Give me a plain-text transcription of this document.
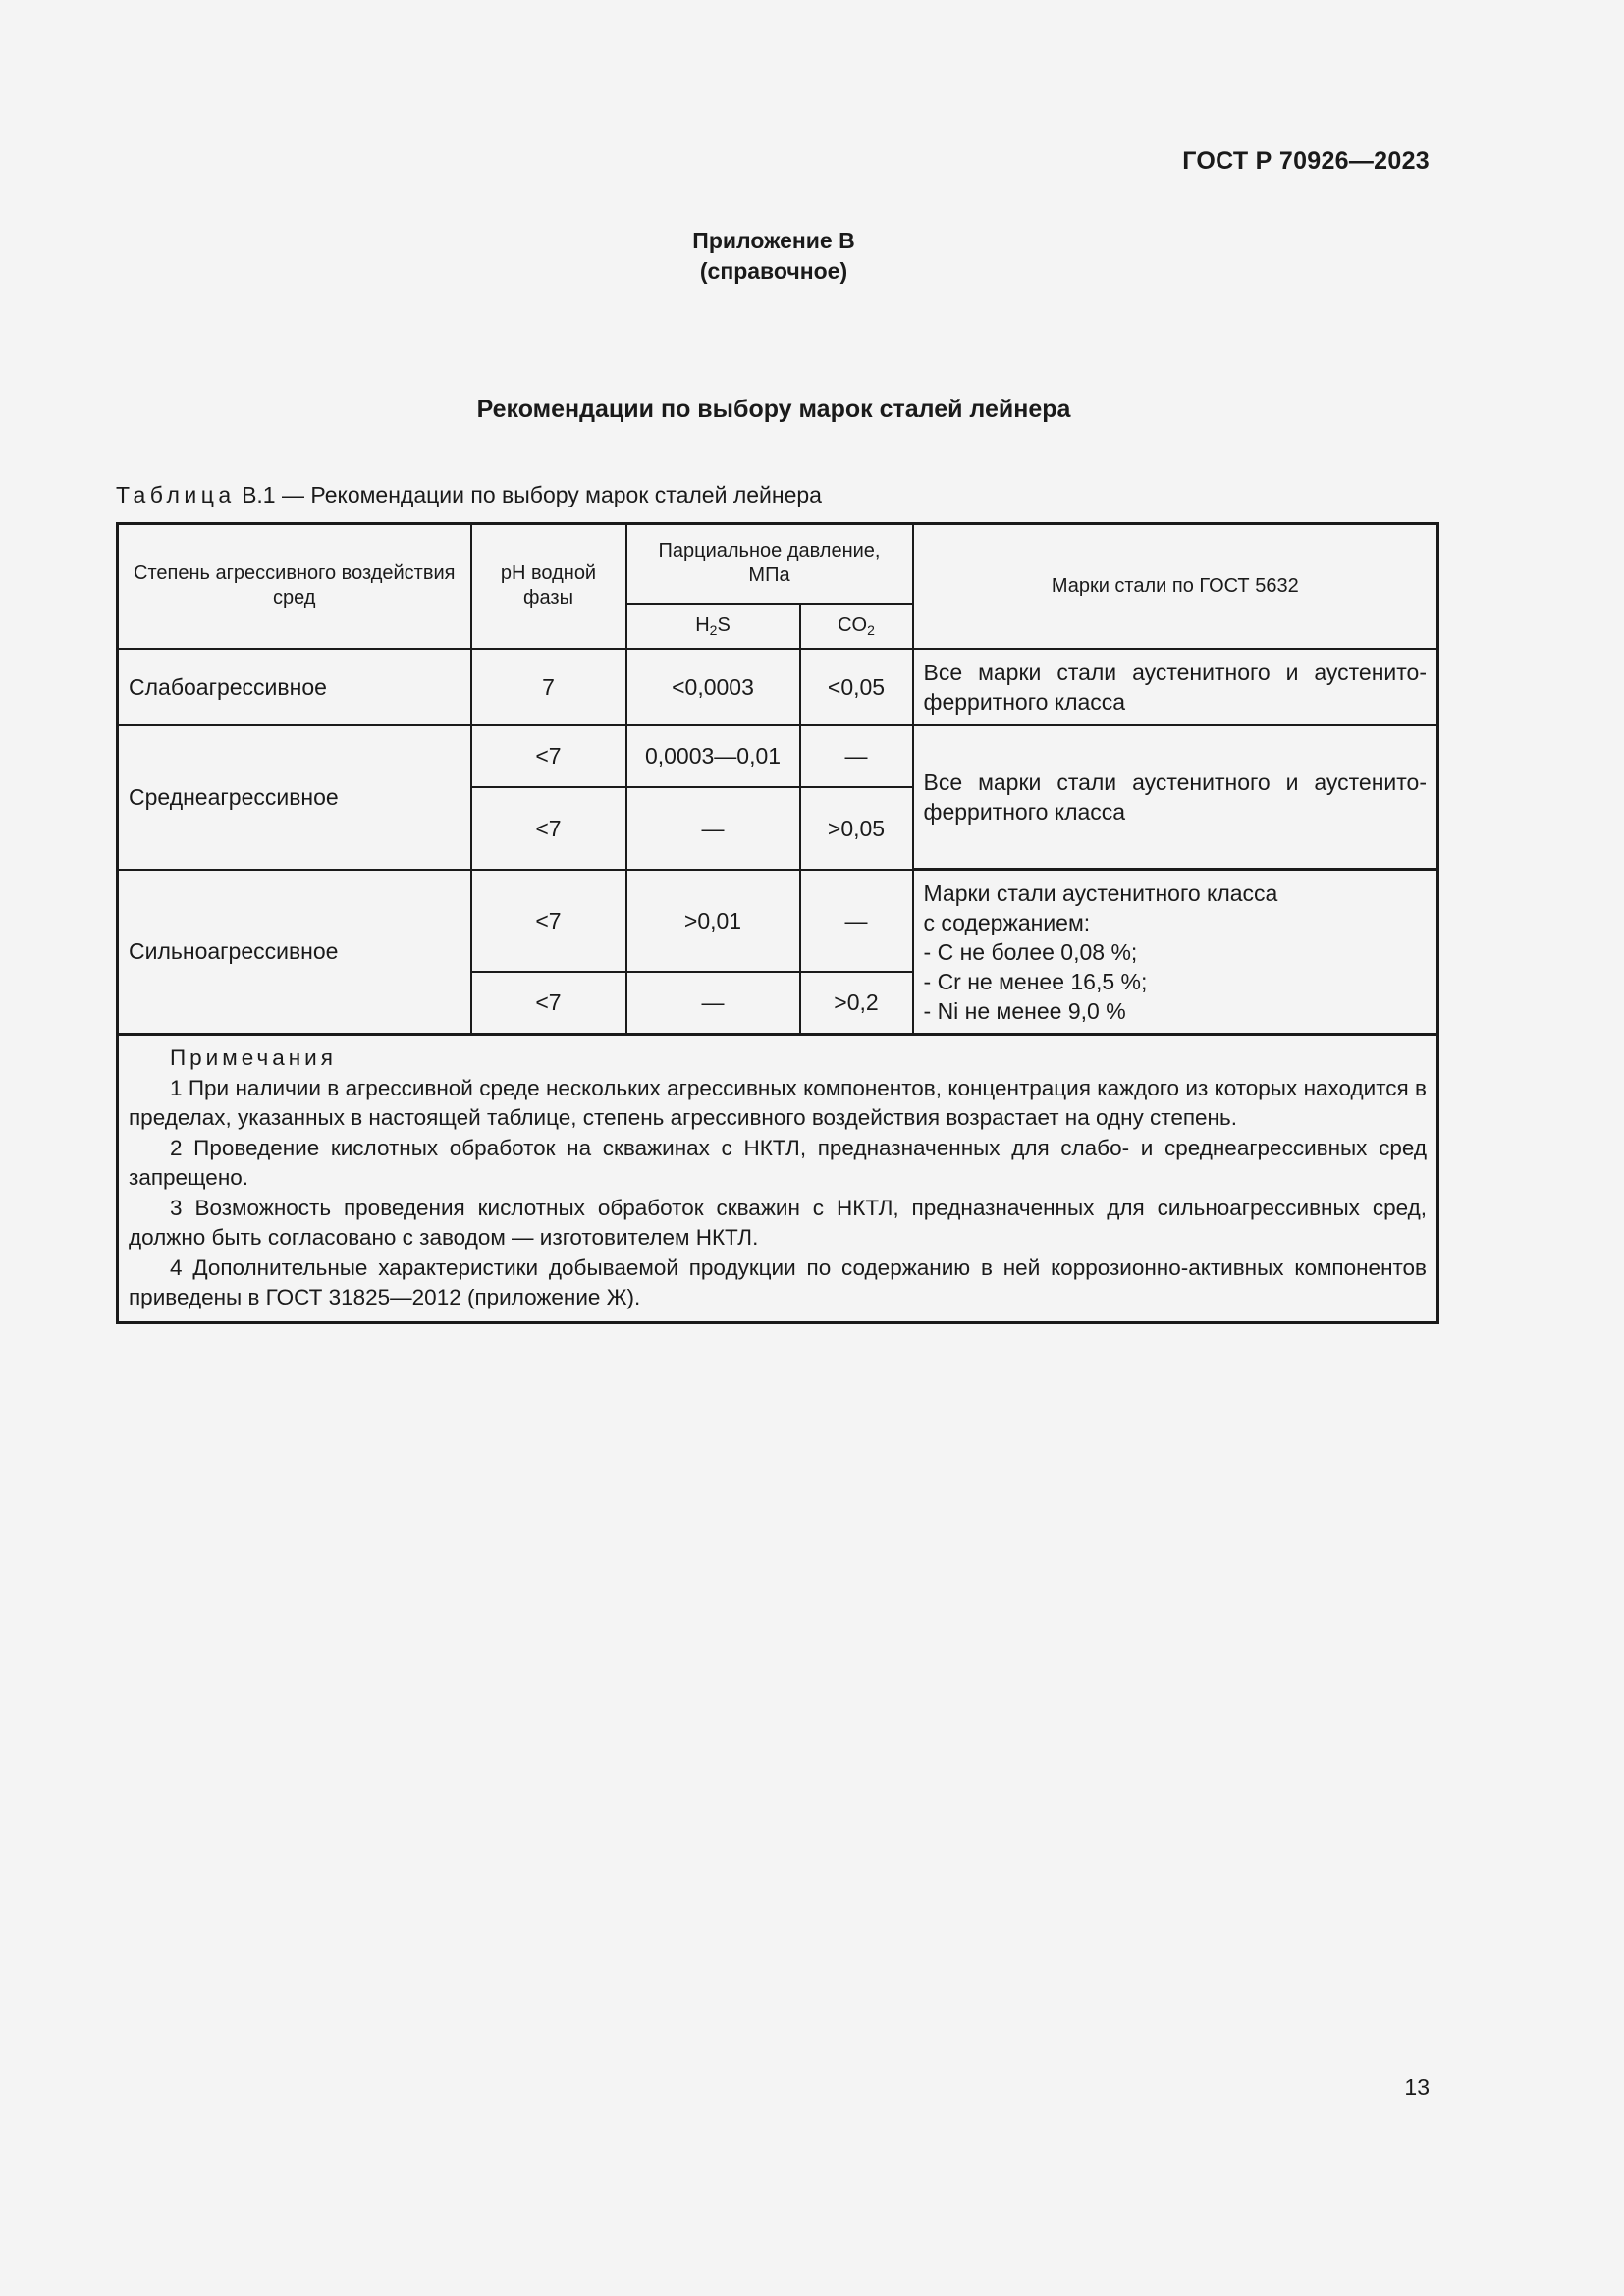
ГОСТ Р 70926—2023
Приложение В
(справочное)
Рекомендации по выбору марок сталей лейнера
Таблица В.1 — Рекомендации по выбору марок сталей лейнера
Степень агрессивного воздействия сред	рН водной фазы	Парциальное давление, МПа		Марки стали по ГОСТ 5632
		$H_2S$	$CO_2$
Слабоагрессивное	7	<0,0003	<0,05	Все марки стали аустенитного и аустенито-ферритного класса
Среднеагрессивное	<7	0,0003—0,01	—	Все марки стали аустенитного и аустенито-ферритного класса
	<7	—	>0,05	
Сильноагрессивное	<7	>0,01	—	Марки стали аустенитного класса
с содержанием:
- С не более 0,08 %;
- Cr не менее 16,5 %;
- Ni не менее 9,0 %

	<7	—	>0,2	

Примечания
1 При наличии в агрессивной среде нескольких агрессивных компонентов, концентрация каждого из которых находится в пределах, указанных в настоящей таблице, степень агрессивного воздействия возрастает на одну степень.
2 Проведение кислотных обработок на скважинах с НКТЛ, предназначенных для слабо- и среднеагрессивных сред запрещено.
3 Возможность проведения кислотных обработок скважин с НКТЛ, предназначенных для сильноагрессивных сред, должно быть согласовано с заводом — изготовителем НКТЛ.
4 Дополнительные характеристики добываемой продукции по содержанию в ней коррозионно-активных компонентов приведены в ГОСТ 31825—2012 (приложение Ж).				
13
